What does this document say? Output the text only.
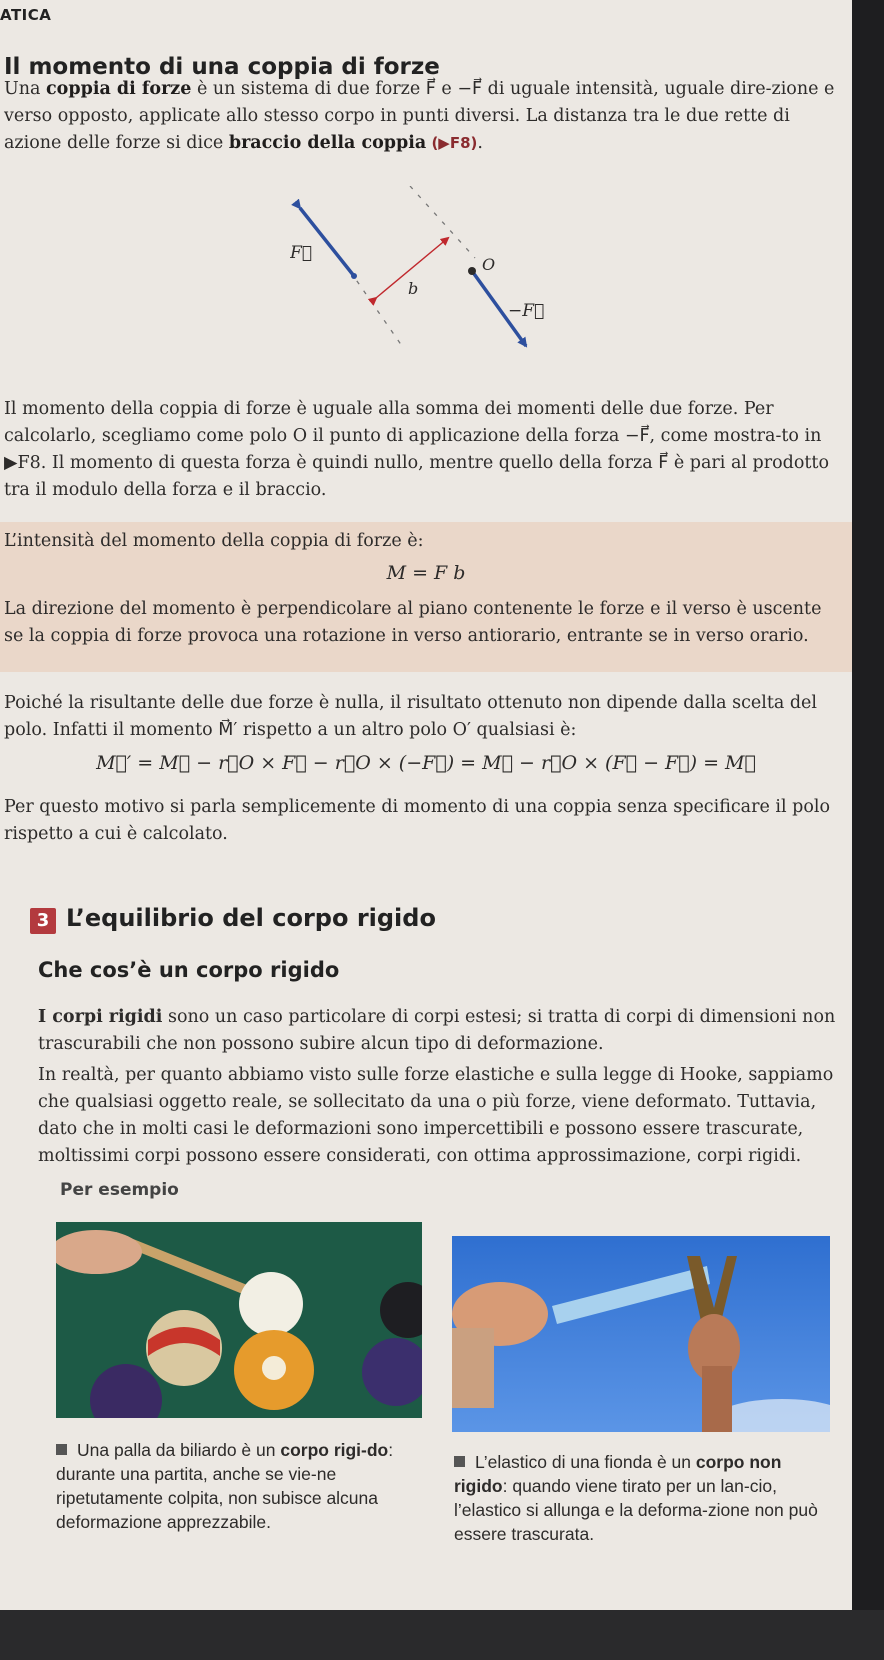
ATICA
Il momento di una coppia di forze
Una coppia di forze è un sistema di due forze F⃗ e −F⃗ di uguale intensità, uguale dire-zione e verso opposto, applicate allo stesso corpo in punti diversi. La distanza tra le due rette di azione delle forze si dice braccio della coppia (▶F8).
F⃗
O
b
−F⃗
Il momento della coppia di forze è uguale alla somma dei momenti delle due forze. Per calcolarlo, scegliamo come polo O il punto di applicazione della forza −F⃗, come mostra-to in ▶F8. Il momento di questa forza è quindi nullo, mentre quello della forza F⃗ è pari al prodotto tra il modulo della forza e il braccio.
L’intensità del momento della coppia di forze è:
M = F b
La direzione del momento è perpendicolare al piano contenente le forze e il verso è uscente se la coppia di forze provoca una rotazione in verso antiorario, entrante se in verso orario.
Poiché la risultante delle due forze è nulla, il risultato ottenuto non dipende dalla scelta del polo. Infatti il momento M⃗′ rispetto a un altro polo O′ qualsiasi è:
M⃗′ = M⃗ − r⃗O × F⃗ − r⃗O × (−F⃗) = M⃗ − r⃗O × (F⃗ − F⃗) = M⃗
Per questo motivo si parla semplicemente di momento di una coppia senza specificare il polo rispetto a cui è calcolato.
3 L’equilibrio del corpo rigido
Che cos’è un corpo rigido
I corpi rigidi sono un caso particolare di corpi estesi; si tratta di corpi di dimensioni non trascurabili che non possono subire alcun tipo di deformazione.
In realtà, per quanto abbiamo visto sulle forze elastiche e sulla legge di Hooke, sappiamo che qualsiasi oggetto reale, se sollecitato da una o più forze, viene deformato. Tuttavia, dato che in molti casi le deformazioni sono impercettibili e possono essere trascurate, moltissimi corpi possono essere considerati, con ottima approssimazione, corpi rigidi.
Per esempio
Una palla da biliardo è un corpo rigi-do: durante una partita, anche se vie-ne ripetutamente colpita, non subisce alcuna deformazione apprezzabile.
L’elastico di una fionda è un corpo non rigido: quando viene tirato per un lan-cio, l’elastico si allunga e la deforma-zione non può essere trascurata.
